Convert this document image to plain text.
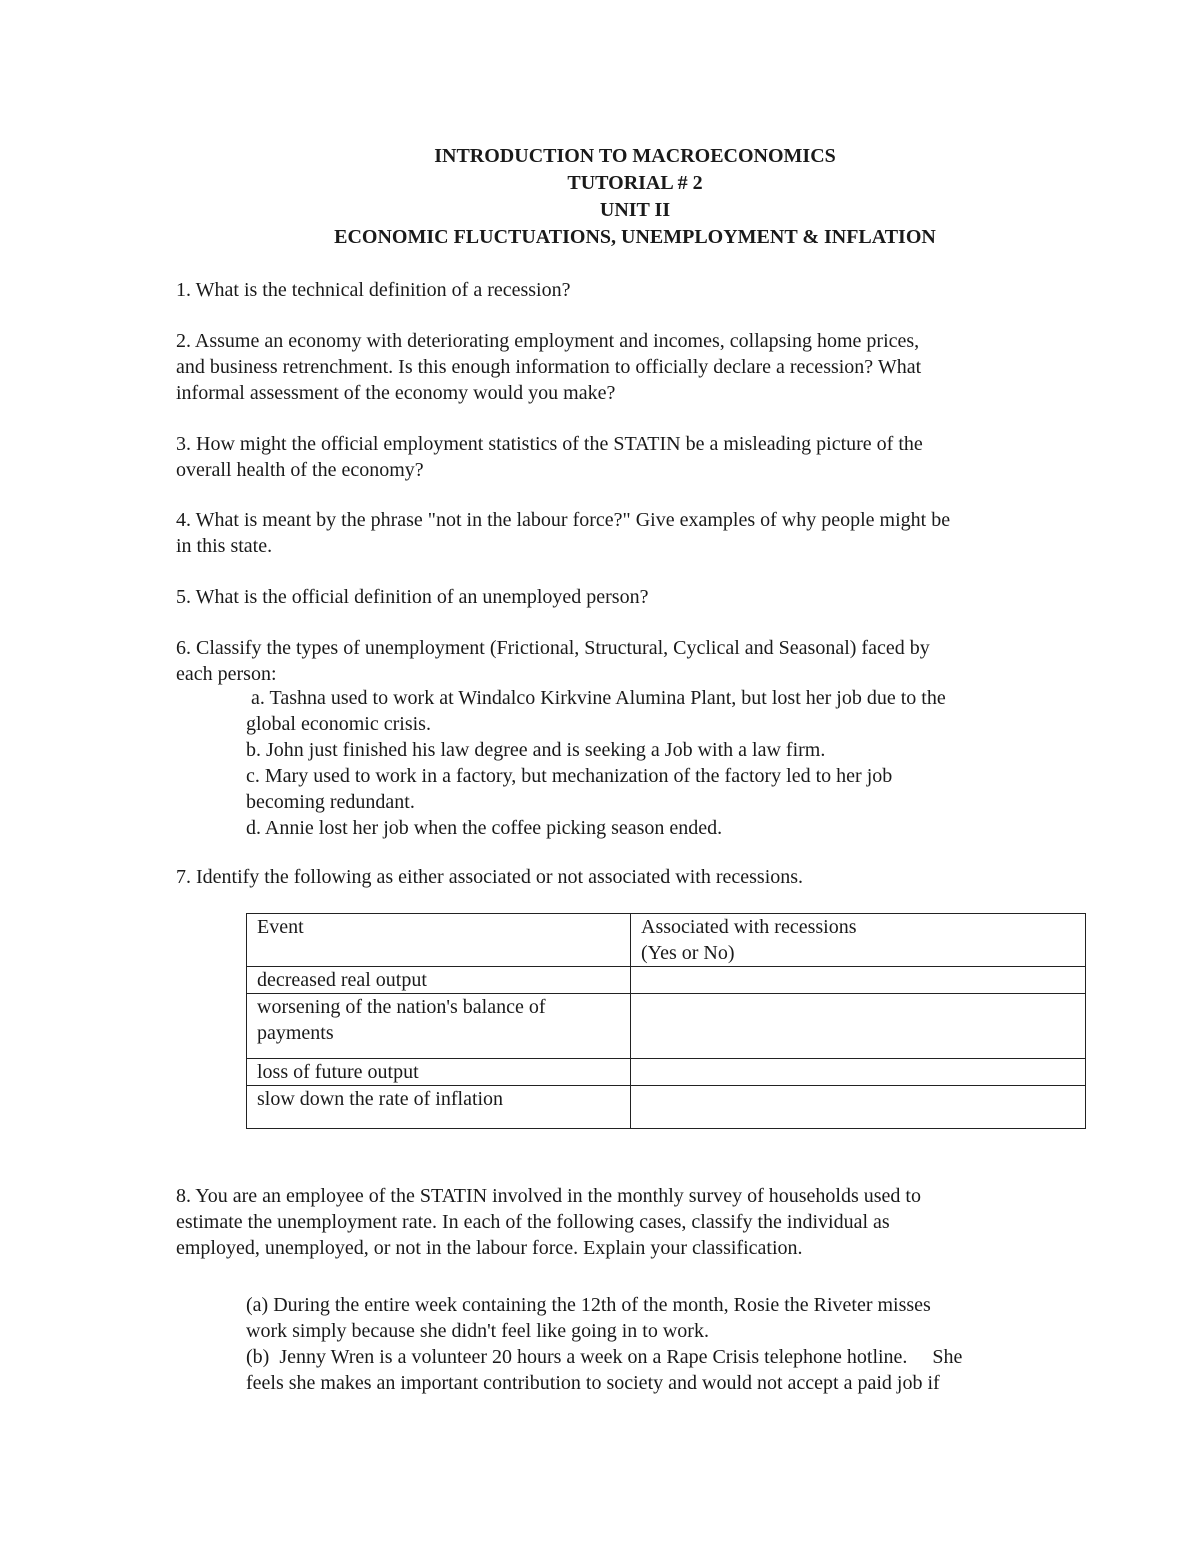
INTRODUCTION TO MACROECONOMICS
TUTORIAL # 2
UNIT II
ECONOMIC FLUCTUATIONS, UNEMPLOYMENT & INFLATION
1. What is the technical definition of a recession?
2. Assume an economy with deteriorating employment and incomes, collapsing home prices,
and business retrenchment. Is this enough information to officially declare a recession? What
informal assessment of the economy would you make?
3. How might the official employment statistics of the STATIN be a misleading picture of the
overall health of the economy?
4. What is meant by the phrase "not in the labour force?" Give examples of why people might be
in this state.
5. What is the official definition of an unemployed person?
6. Classify the types of unemployment (Frictional, Structural, Cyclical and Seasonal) faced by
each person:
a. Tashna used to work at Windalco Kirkvine Alumina Plant, but lost her job due to the
global economic crisis.
b. John just finished his law degree and is seeking a Job with a law firm.
c. Mary used to work in a factory, but mechanization of the factory led to her job
becoming redundant.
d. Annie lost her job when the coffee picking season ended.
7. Identify the following as either associated or not associated with recessions.
Event	Associated with recessions
(Yes or No)

decreased real output	

worsening of the nation's balance of
payments	

loss of future output	

slow down the rate of inflation	

8. You are an employee of the STATIN involved in the monthly survey of households used to
estimate the unemployment rate. In each of the following cases, classify the individual as
employed, unemployed, or not in the labour force. Explain your classification.
(a) During the entire week containing the 12th of the month, Rosie the Riveter misses
work simply because she didn't feel like going in to work.
(b)  Jenny Wren is a volunteer 20 hours a week on a Rape Crisis telephone hotline.     She
feels she makes an important contribution to society and would not accept a paid job if
